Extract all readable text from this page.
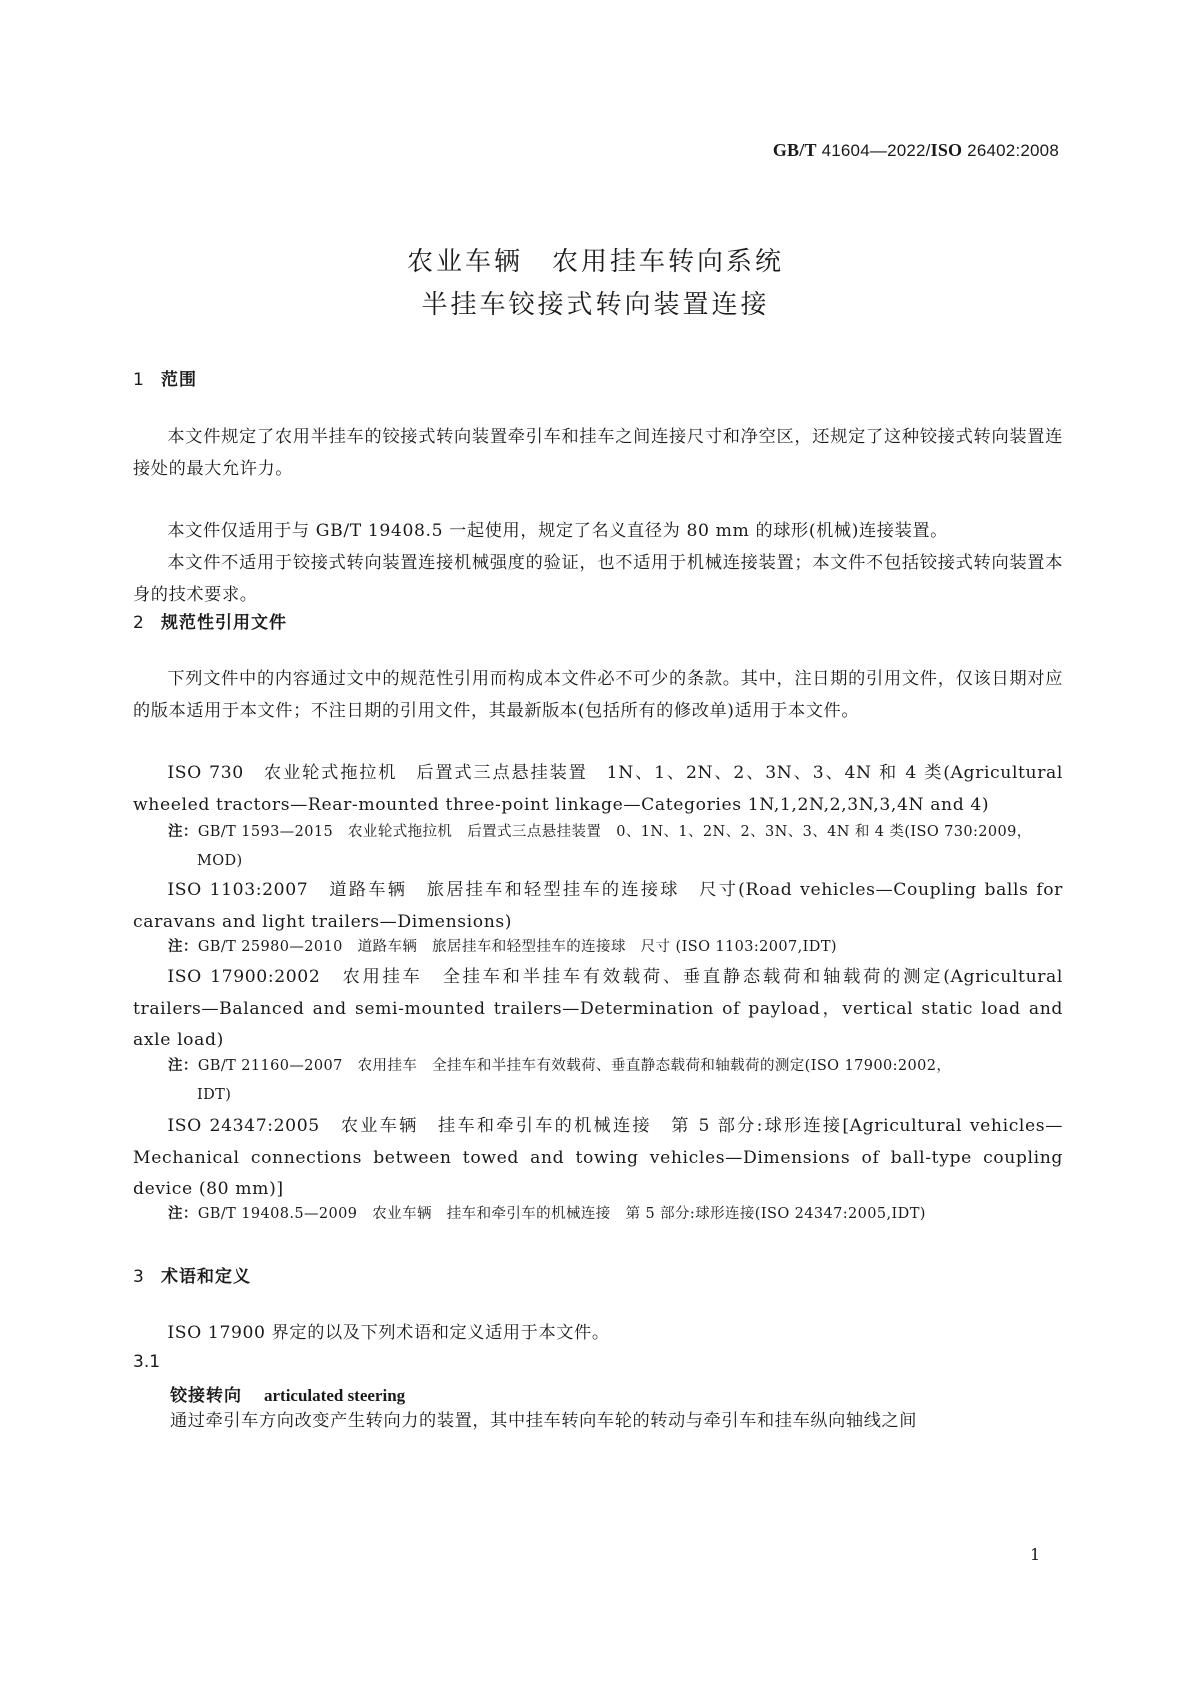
GB/T 41604—2022/ISO 26402:2008
农业车辆　农用挂车转向系统
半挂车铰接式转向装置连接
1 范围
本文件规定了农用半挂车的铰接式转向装置牵引车和挂车之间连接尺寸和净空区，还规定了这种铰接式转向装置连接处的最大允许力。
本文件仅适用于与 GB/T 19408.5 一起使用，规定了名义直径为 80 mm 的球形(机械)连接装置。
本文件不适用于铰接式转向装置连接机械强度的验证，也不适用于机械连接装置；本文件不包括铰接式转向装置本身的技术要求。
2 规范性引用文件
下列文件中的内容通过文中的规范性引用而构成本文件必不可少的条款。其中，注日期的引用文件，仅该日期对应的版本适用于本文件；不注日期的引用文件，其最新版本(包括所有的修改单)适用于本文件。
ISO 730　农业轮式拖拉机　后置式三点悬挂装置　1N、1、2N、2、3N、3、4N 和 4 类(Agricultural wheeled tractors—Rear-mounted three-point linkage—Categories 1N,1,2N,2,3N,3,4N and 4)
注：GB/T 1593—2015　农业轮式拖拉机　后置式三点悬挂装置　0、1N、1、2N、2、3N、3、4N 和 4 类(ISO 730:2009，
MOD)
ISO 1103:2007　道路车辆　旅居挂车和轻型挂车的连接球　尺寸(Road vehicles—Coupling balls for caravans and light trailers—Dimensions)
注：GB/T 25980—2010　道路车辆　旅居挂车和轻型挂车的连接球　尺寸 (ISO 1103:2007,IDT)
ISO 17900:2002　农用挂车　全挂车和半挂车有效载荷、垂直静态载荷和轴载荷的测定(Agricultural trailers—Balanced and semi-mounted trailers—Determination of payload，vertical static load and axle load)
注：GB/T 21160—2007　农用挂车　全挂车和半挂车有效载荷、垂直静态载荷和轴载荷的测定(ISO 17900:2002，
IDT)
ISO 24347:2005　农业车辆　挂车和牵引车的机械连接　第 5 部分:球形连接[Agricultural vehicles—Mechanical connections between towed and towing vehicles—Dimensions of ball-type coupling device (80 mm)]
注：GB/T 19408.5—2009　农业车辆　挂车和牵引车的机械连接　第 5 部分:球形连接(ISO 24347:2005,IDT)
3 术语和定义
ISO 17900 界定的以及下列术语和定义适用于本文件。
3.1
铰接转向 articulated steering
通过牵引车方向改变产生转向力的装置，其中挂车转向车轮的转动与牵引车和挂车纵向轴线之间
1
